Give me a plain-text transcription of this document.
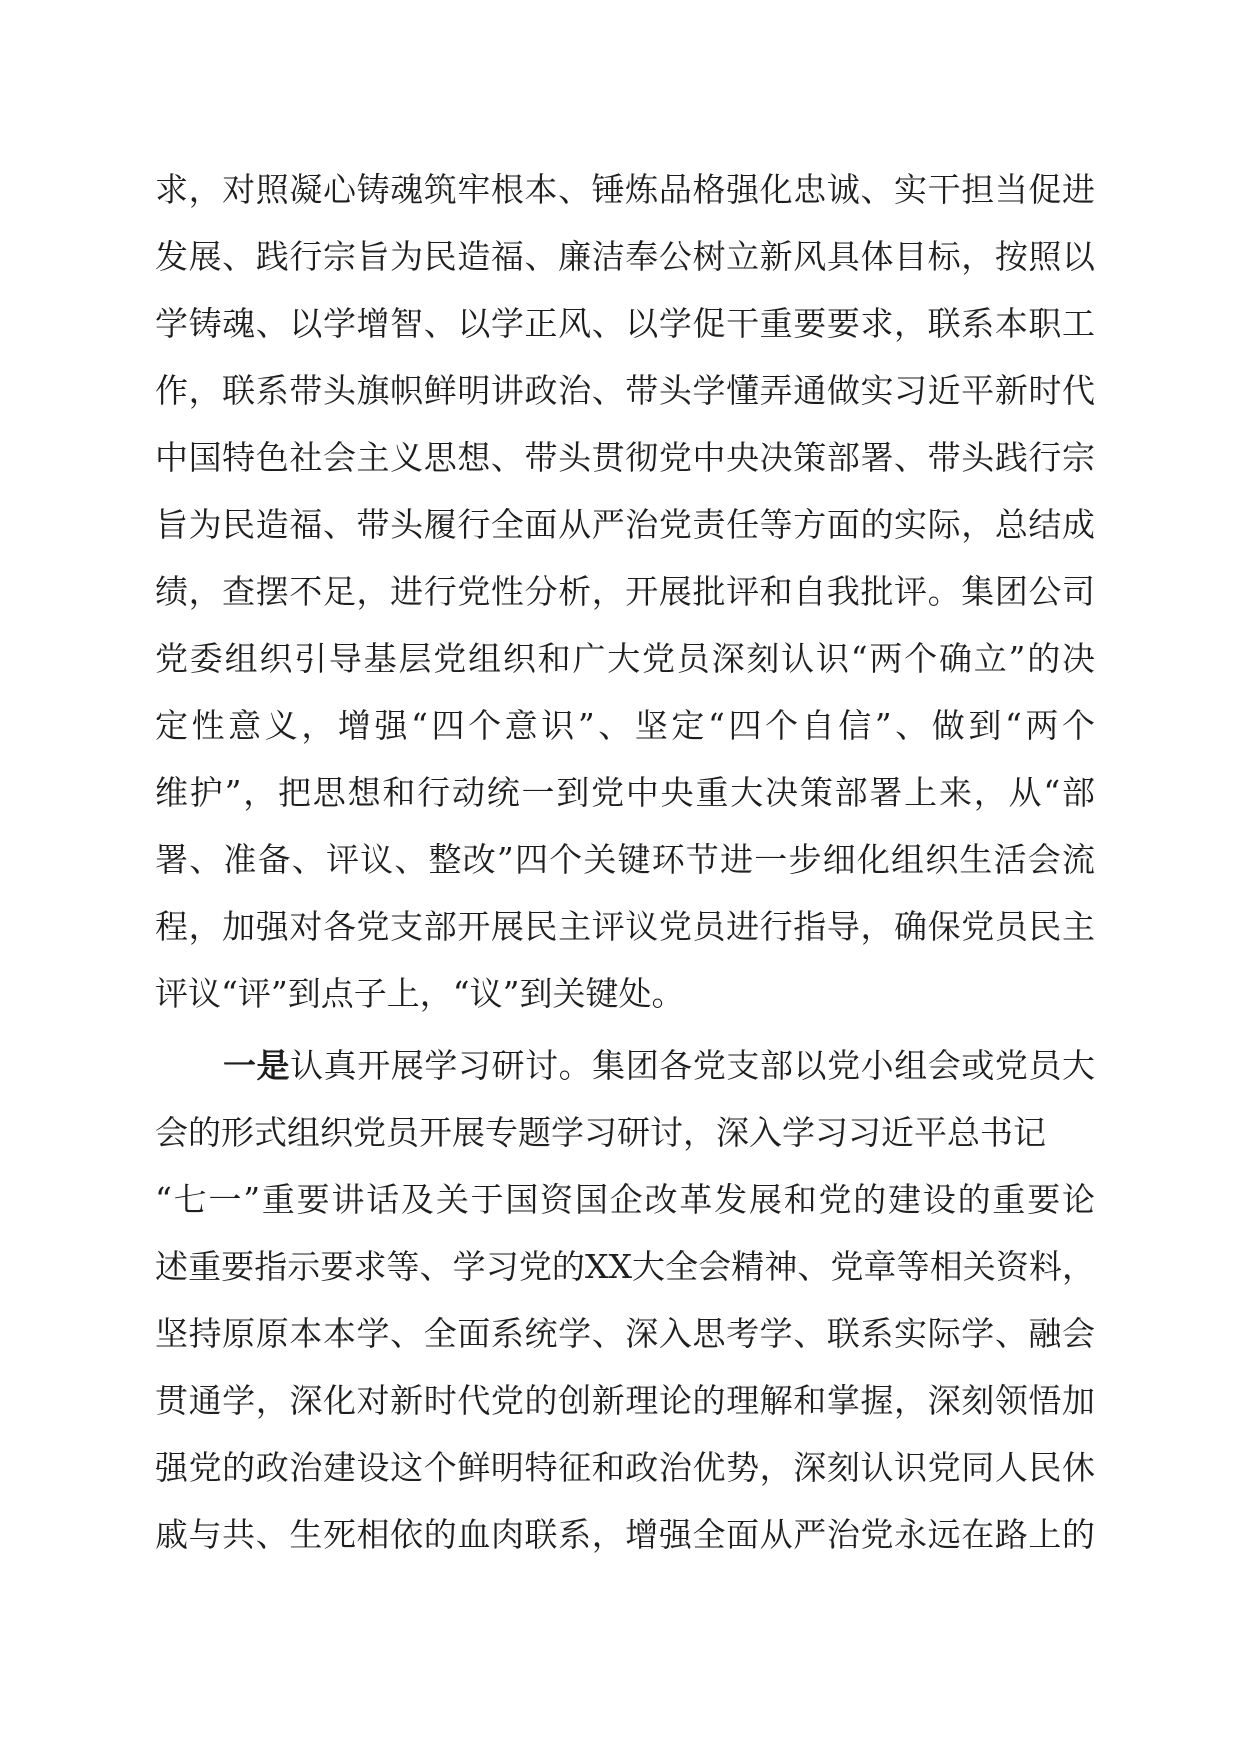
求，对照凝心铸魂筑牢根本、锤炼品格强化忠诚、实干担当促进
发展、践行宗旨为民造福、廉洁奉公树立新风具体目标，按照以
学铸魂、以学增智、以学正风、以学促干重要要求，联系本职工
作，联系带头旗帜鲜明讲政治、带头学懂弄通做实习近平新时代
中国特色社会主义思想、带头贯彻党中央决策部署、带头践行宗
旨为民造福、带头履行全面从严治党责任等方面的实际，总结成
绩，查摆不足，进行党性分析，开展批评和自我批评。集团公司
党委组织引导基层党组织和广大党员深刻认识“两个确立”的决
定性意义，增强“四个意识”、坚定“四个自信”、做到“两个
维护”，把思想和行动统一到党中央重大决策部署上来，从“部
署、准备、评议、整改”四个关键环节进一步细化组织生活会流
程，加强对各党支部开展民主评议党员进行指导，确保党员民主
评议“评”到点子上，“议”到关键处。
一是认真开展学习研讨。集团各党支部以党小组会或党员大
会的形式组织党员开展专题学习研讨，深入学习习近平总书记
“七一”重要讲话及关于国资国企改革发展和党的建设的重要论
述重要指示要求等、学习党的XX大全会精神、党章等相关资料，
坚持原原本本学、全面系统学、深入思考学、联系实际学、融会
贯通学，深化对新时代党的创新理论的理解和掌握，深刻领悟加
强党的政治建设这个鲜明特征和政治优势，深刻认识党同人民休
戚与共、生死相依的血肉联系，增强全面从严治党永远在路上的
